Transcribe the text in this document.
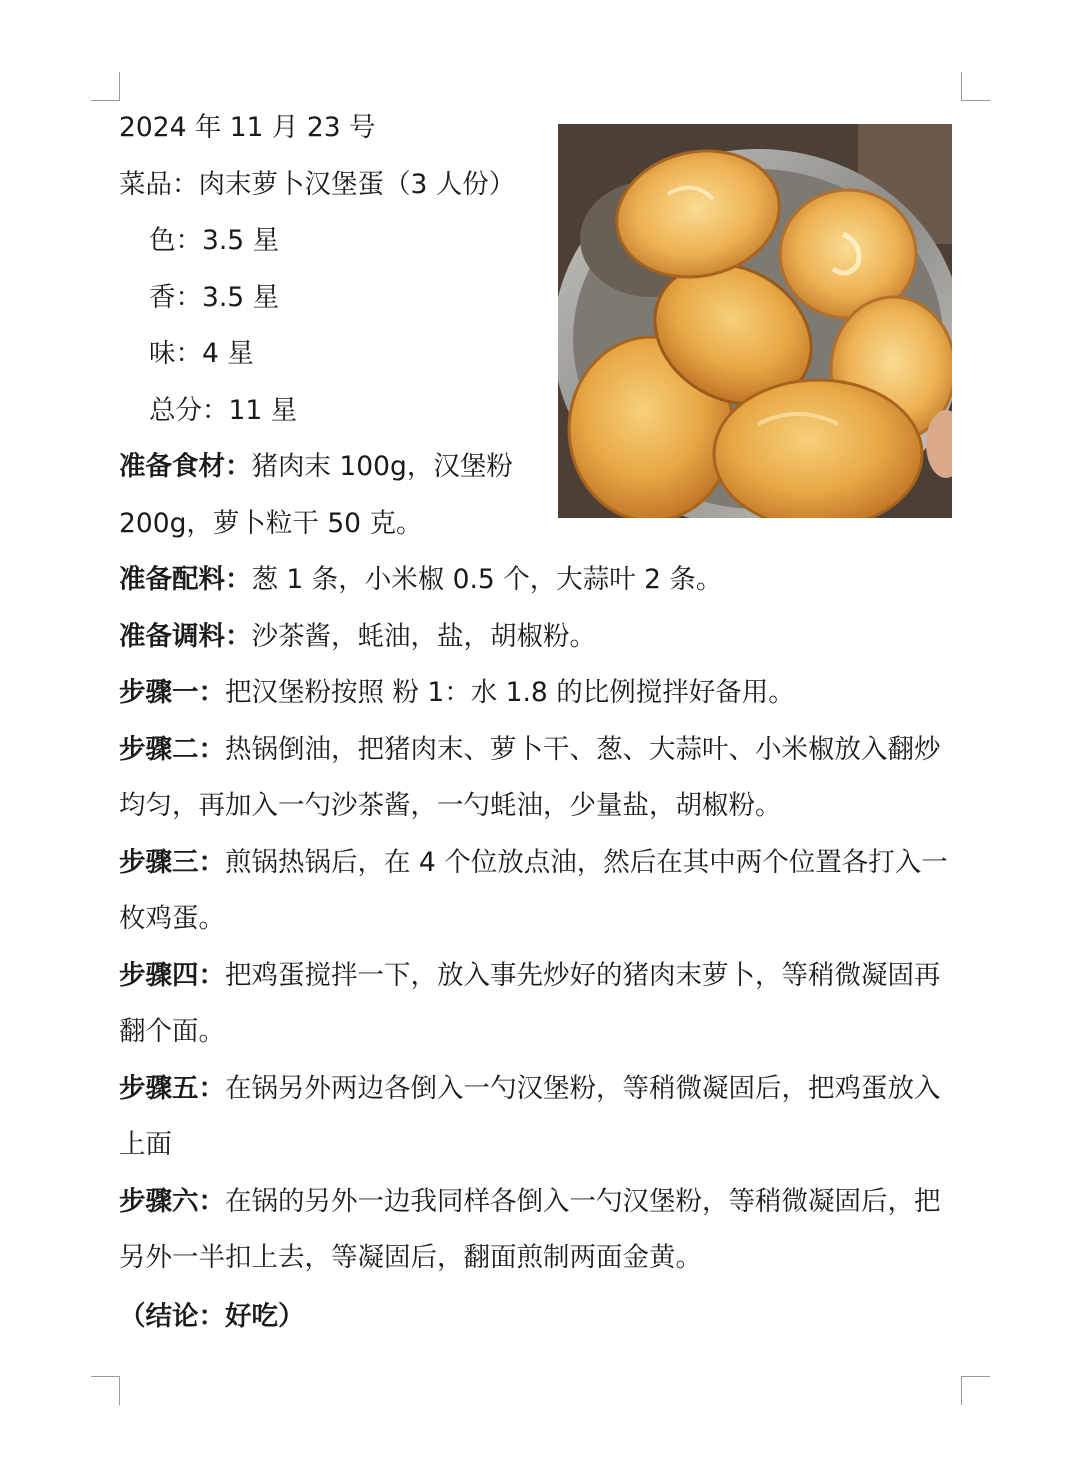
2024 年 11 月 23 号
菜品：肉末萝卜汉堡蛋（3 人份）
色：3.5 星
香：3.5 星
味：4 星
总分：11 星
准备食材：猪肉末 100g，汉堡粉 200g，萝卜粒干 50 克。
准备配料：葱 1 条，小米椒 0.5 个，大蒜叶 2 条。
准备调料：沙茶酱，蚝油，盐，胡椒粉。
步骤一：把汉堡粉按照 粉 1：水 1.8 的比例搅拌好备用。
步骤二：热锅倒油，把猪肉末、萝卜干、葱、大蒜叶、小米椒放入翻炒均匀，再加入一勺沙茶酱，一勺蚝油，少量盐，胡椒粉。
步骤三：煎锅热锅后，在 4 个位放点油，然后在其中两个位置各打入一枚鸡蛋。
步骤四：把鸡蛋搅拌一下，放入事先炒好的猪肉末萝卜，等稍微凝固再翻个面。
步骤五：在锅另外两边各倒入一勺汉堡粉，等稍微凝固后，把鸡蛋放入上面
步骤六：在锅的另外一边我同样各倒入一勺汉堡粉，等稍微凝固后，把另外一半扣上去，等凝固后，翻面煎制两面金黄。
（结论：好吃）
